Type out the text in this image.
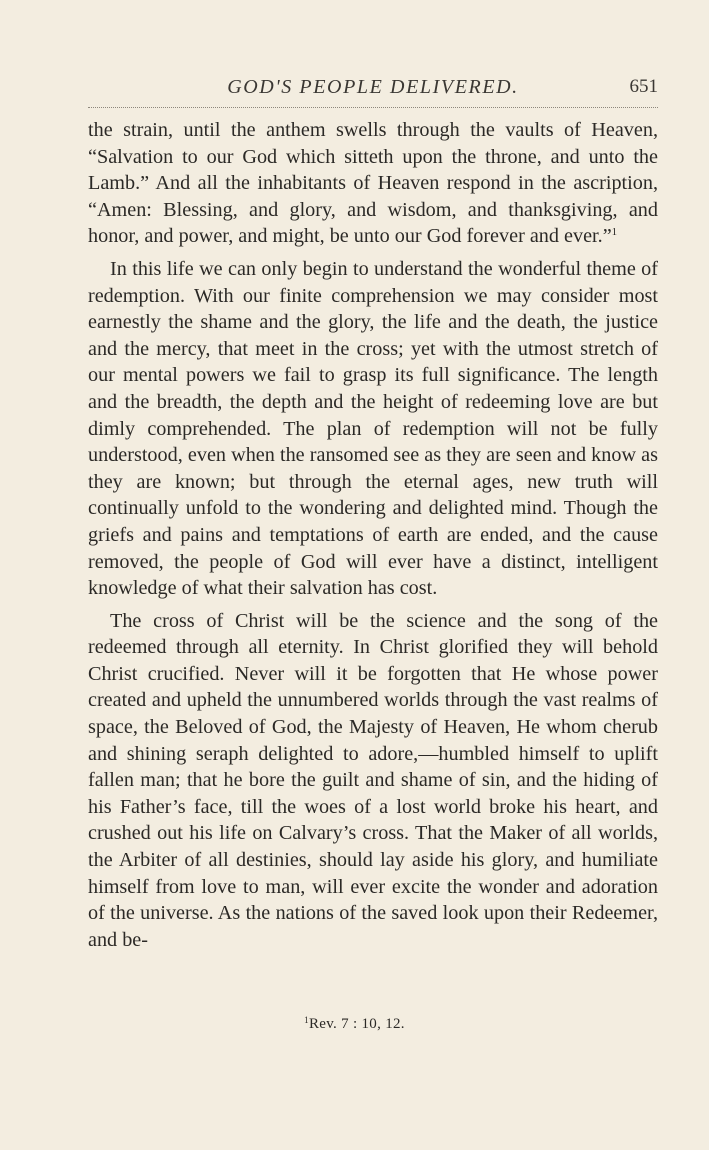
GOD'S PEOPLE DELIVERED.	651

the strain, until the anthem swells through the vaults of Heaven, “Salvation to our God which sitteth upon the throne, and unto the Lamb.” And all the inhabitants of Heaven respond in the ascription, “Amen: Blessing, and glory, and wisdom, and thanksgiving, and honor, and power, and might, be unto our God forever and ever.”$^1$

In this life we can only begin to understand the wonderful theme of redemption. With our finite comprehension we may consider most earnestly the shame and the glory, the life and the death, the justice and the mercy, that meet in the cross; yet with the utmost stretch of our mental powers we fail to grasp its full significance. The length and the breadth, the depth and the height of redeeming love are but dimly comprehended. The plan of redemption will not be fully understood, even when the ransomed see as they are seen and know as they are known; but through the eternal ages, new truth will continually unfold to the wondering and delighted mind. Though the griefs and pains and temptations of earth are ended, and the cause removed, the people of God will ever have a distinct, intelligent knowledge of what their salvation has cost.

The cross of Christ will be the science and the song of the redeemed through all eternity. In Christ glorified they will behold Christ crucified. Never will it be forgotten that He whose power created and upheld the unnumbered worlds through the vast realms of space, the Beloved of God, the Majesty of Heaven, He whom cherub and shining seraph delighted to adore,—humbled himself to uplift fallen man; that he bore the guilt and shame of sin, and the hiding of his Father’s face, till the woes of a lost world broke his heart, and crushed out his life on Calvary’s cross. That the Maker of all worlds, the Arbiter of all destinies, should lay aside his glory, and humiliate himself from love to man, will ever excite the wonder and adoration of the universe. As the nations of the saved look upon their Redeemer, and be-

$^1$Rev. 7 : 10, 12.
